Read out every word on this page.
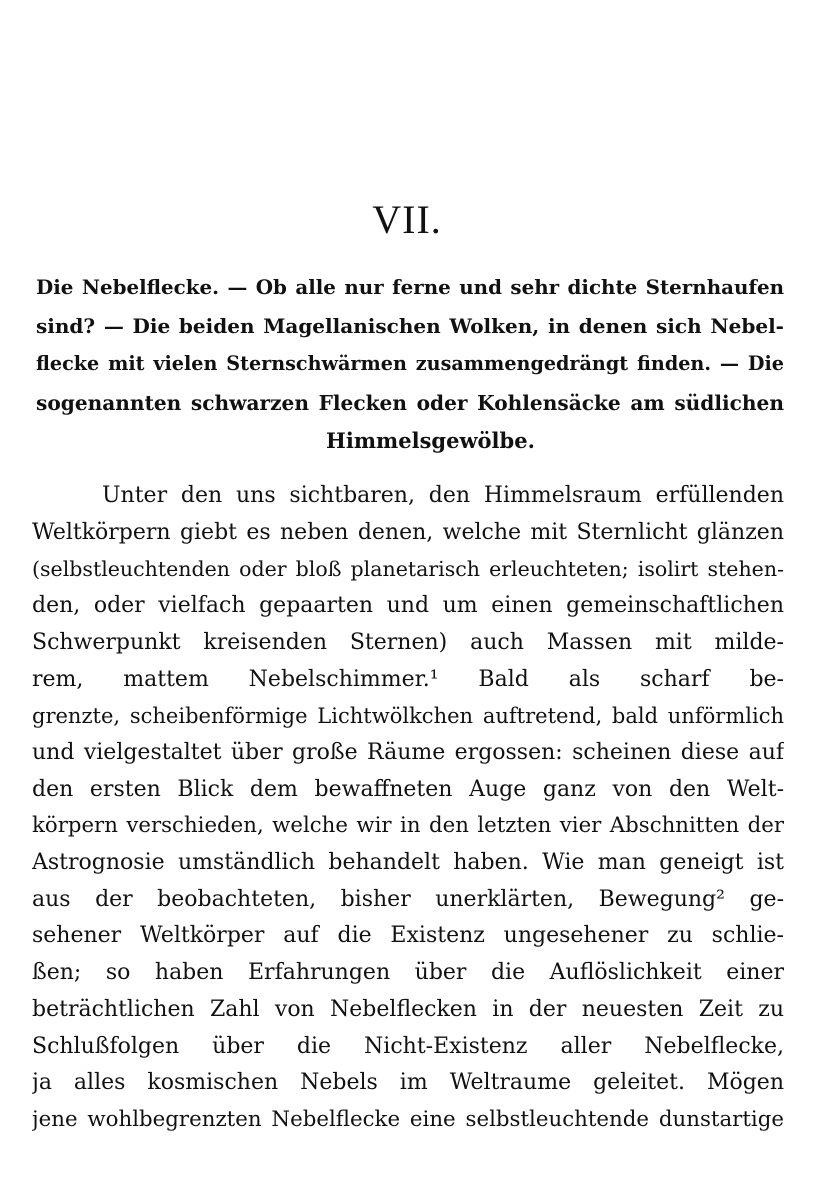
VII.
Die Nebelflecke. — Ob alle nur ferne und sehr dichte Sternhaufen
sind? — Die beiden Magellanischen Wolken, in denen sich Nebel-
flecke mit vielen Sternschwärmen zusammengedrängt finden. — Die
sogenannten schwarzen Flecken oder Kohlensäcke am südlichen
Himmelsgewölbe.
Unter den uns sichtbaren, den Himmelsraum erfüllenden
Weltkörpern giebt es neben denen, welche mit Sternlicht glänzen
(selbstleuchtenden oder bloß planetarisch erleuchteten; isolirt stehen-
den, oder vielfach gepaarten und um einen gemeinschaftlichen
Schwerpunkt kreisenden Sternen) auch Massen mit milde-
rem, mattem Nebelschimmer.¹ Bald als scharf be-
grenzte, scheibenförmige Lichtwölkchen auftretend, bald unförmlich
und vielgestaltet über große Räume ergossen: scheinen diese auf
den ersten Blick dem bewaffneten Auge ganz von den Welt-
körpern verschieden, welche wir in den letzten vier Abschnitten der
Astrognosie umständlich behandelt haben. Wie man geneigt ist
aus der beobachteten, bisher unerklärten, Bewegung² ge-
sehener Weltkörper auf die Existenz ungesehener zu schlie-
ßen; so haben Erfahrungen über die Auflöslichkeit einer
beträchtlichen Zahl von Nebelflecken in der neuesten Zeit zu
Schlußfolgen über die Nicht-Existenz aller Nebelflecke,
ja alles kosmischen Nebels im Weltraume geleitet. Mögen
jene wohlbegrenzten Nebelflecke eine selbstleuchtende dunstartige
